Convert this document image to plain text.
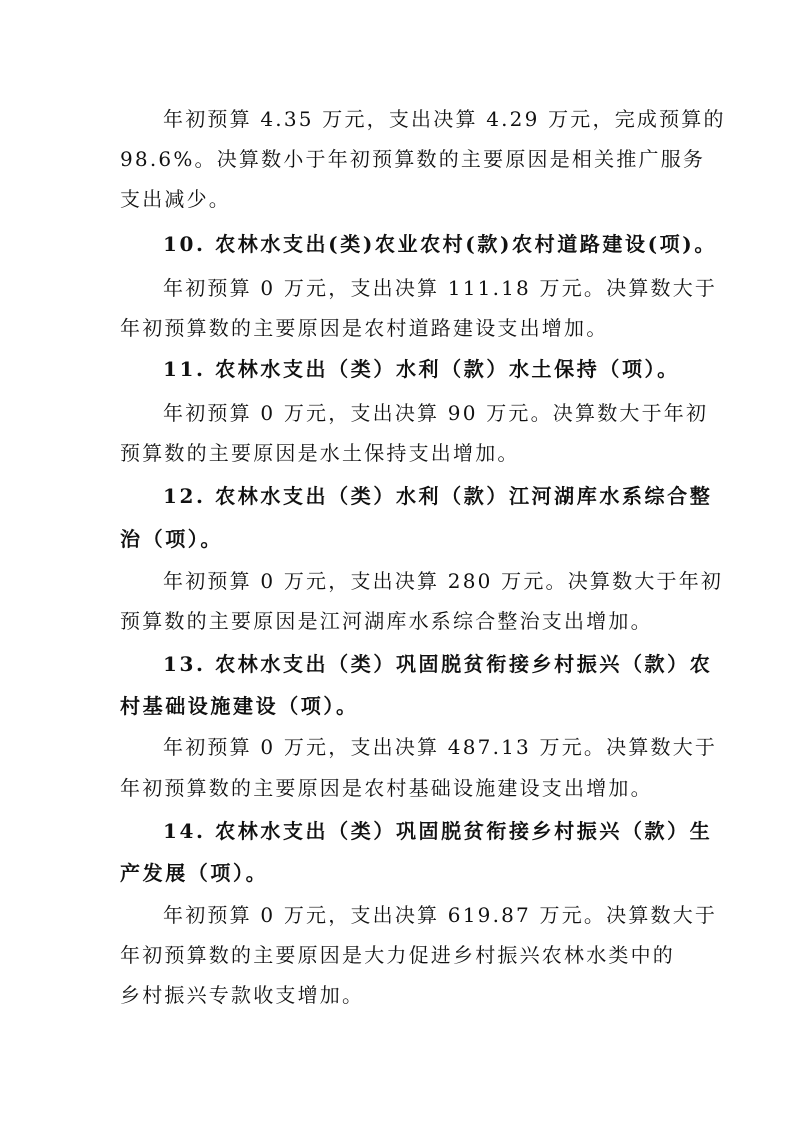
年初预算 4.35 万元，支出决算 4.29 万元，完成预算的
98.6%。决算数小于年初预算数的主要原因是相关推广服务
支出减少。
10. 农林水支出(类)农业农村(款)农村道路建设(项)。
年初预算 0 万元，支出决算 111.18 万元。决算数大于
年初预算数的主要原因是农村道路建设支出增加。
11. 农林水支出（类）水利（款）水土保持（项）。
年初预算 0 万元，支出决算 90 万元。决算数大于年初
预算数的主要原因是水土保持支出增加。
12. 农林水支出（类）水利（款）江河湖库水系综合整
治（项）。
年初预算 0 万元，支出决算 280 万元。决算数大于年初
预算数的主要原因是江河湖库水系综合整治支出增加。
13. 农林水支出（类）巩固脱贫衔接乡村振兴（款）农
村基础设施建设（项）。
年初预算 0 万元，支出决算 487.13 万元。决算数大于
年初预算数的主要原因是农村基础设施建设支出增加。
14. 农林水支出（类）巩固脱贫衔接乡村振兴（款）生
产发展（项）。
年初预算 0 万元，支出决算 619.87 万元。决算数大于
年初预算数的主要原因是大力促进乡村振兴农林水类中的
乡村振兴专款收支增加。
